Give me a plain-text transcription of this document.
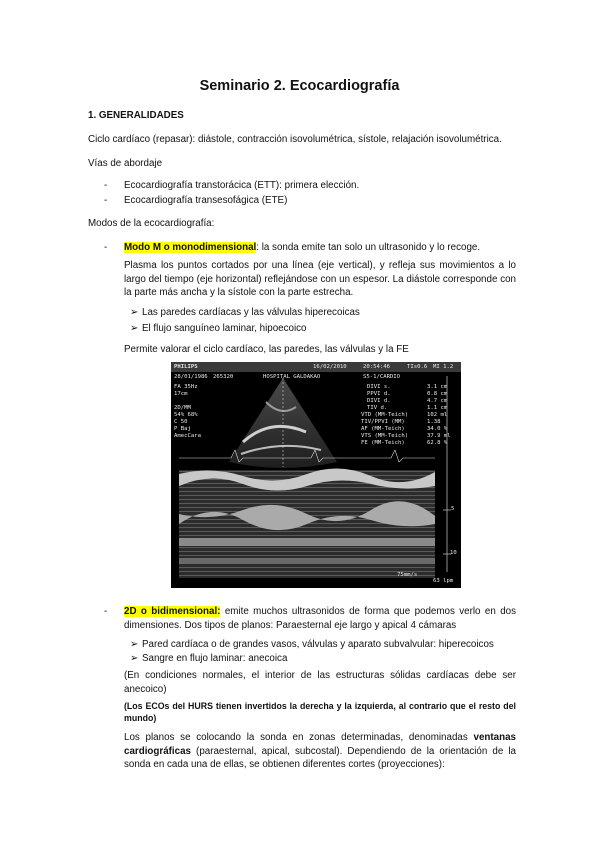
Seminario 2. Ecocardiografía
1. GENERALIDADES
Ciclo cardíaco (repasar): diástole, contracción isovolumétrica, sístole, relajación isovolumétrica.
Vías de abordaje
- Ecocardiografía transtorácica (ETT): primera elección.
- Ecocardiografía transesofágica (ETE)
Modos de la ecocardiografía:
- Modo M o monodimensional: la sonda emite tan solo un ultrasonido y lo recoge.
Plasma los puntos cortados por una línea (eje vertical), y refleja sus movimientos a lo largo del tiempo (eje horizontal) reflejándose con un espesor. La diástole corresponde con la parte más ancha y la sístole con la parte estrecha.
➢ Las paredes cardíacas y las válvulas hiperecoicas
➢ El flujo sanguíneo laminar, hipoecoico
Permite valorar el ciclo cardíaco, las paredes, las válvulas y la FE
PHILIPS	16/02/2010	20:54:46	TIs0.6 MI 1.2
28/01/1986 265320	HOSPITAL GALDAKAO	S5-1/CARDIO
FA 35Hz
17cm

2D/MM
54% 68%
C 50
P Baj
AmecCara
DIVI s.	3.1 cm
PPVI d.	0.8 cm
DIVI d.	4.7 cm
TIV d.	1.1 cm
VTD (MM-Teich)	102 ml
TIV/PPVI (MM)	1.38
AF (MM-Teich)	34.0 %
VTS (MM-Teich)	37.9 ml
FE (MM-Teich)	62.8 %
5
10
75mm/s
63 lpm
- 2D o bidimensional: emite muchos ultrasonidos de forma que podemos verlo en dos dimensiones. Dos tipos de planos: Paraesternal eje largo y apical 4 cámaras
➢ Pared cardíaca o de grandes vasos, válvulas y aparato subvalvular: hiperecoicos
➢ Sangre en flujo laminar: anecoica
(En condiciones normales, el interior de las estructuras sólidas cardíacas debe ser anecoico)
(Los ECOs del HURS tienen invertidos la derecha y la izquierda, al contrario que el resto del mundo)
Los planos se colocando la sonda en zonas determinadas, denominadas ventanas cardiográficas (paraesternal, apical, subcostal). Dependiendo de la orientación de la sonda en cada una de ellas, se obtienen diferentes cortes (proyecciones):
